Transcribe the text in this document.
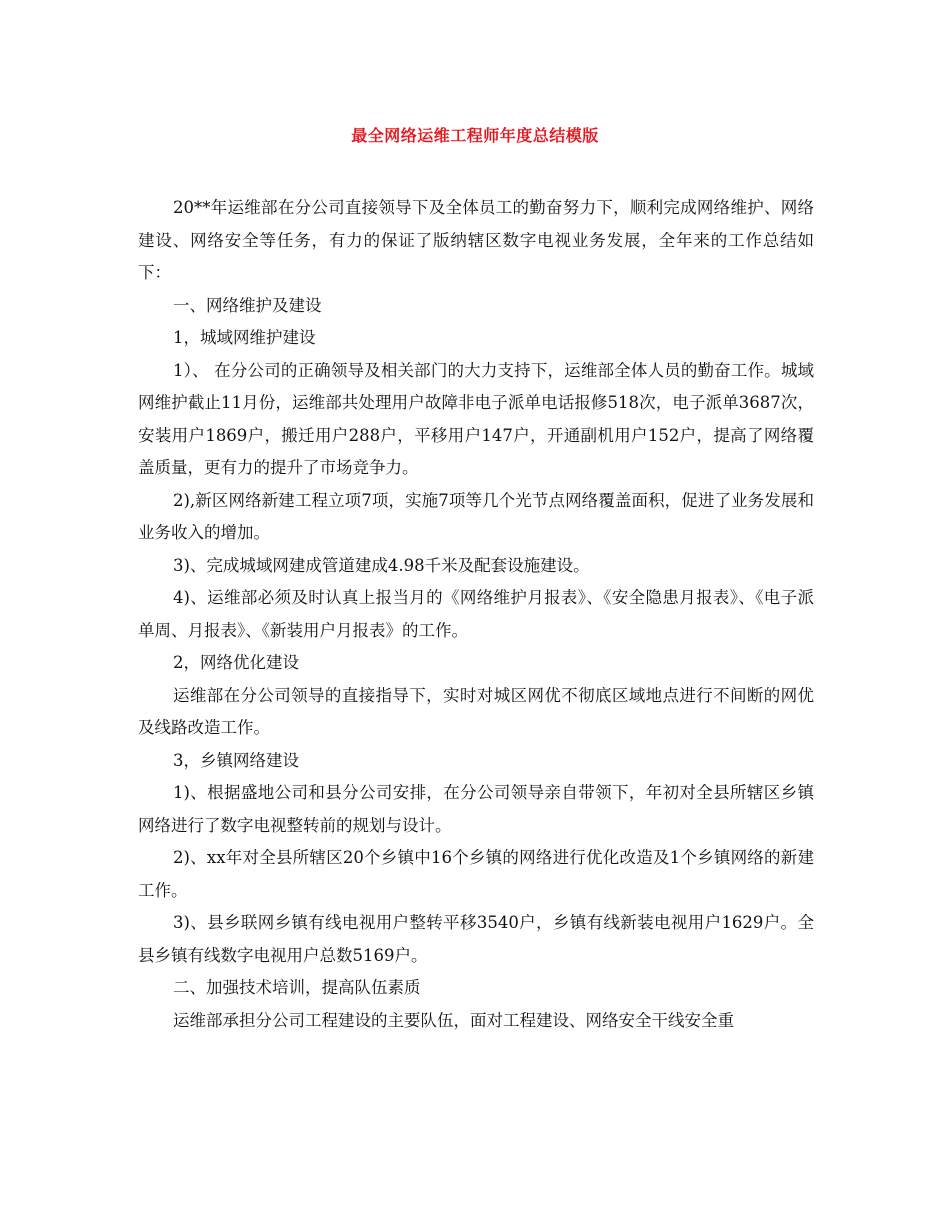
最全网络运维工程师年度总结模版

20**年运维部在分公司直接领导下及全体员工的勤奋努力下，顺利完成网络维护、网络建设、网络安全等任务，有力的保证了版纳辖区数字电视业务发展，全年来的工作总结如下：

一、网络维护及建设

1，城域网维护建设

1）、 在分公司的正确领导及相关部门的大力支持下，运维部全体人员的勤奋工作。城域网维护截止11月份，运维部共处理用户故障非电子派单电话报修518次，电子派单3687次，安装用户1869户，搬迁用户288户，平移用户147户，开通副机用户152户，提高了网络覆盖质量，更有力的提升了市场竞争力。

2),新区网络新建工程立项7项，实施7项等几个光节点网络覆盖面积，促进了业务发展和业务收入的增加。

3)、完成城域网建成管道建成4.98千米及配套设施建设。

4)、运维部必须及时认真上报当月的《网络维护月报表》、《安全隐患月报表》、《电子派单周、月报表》、《新装用户月报表》的工作。

2，网络优化建设

运维部在分公司领导的直接指导下，实时对城区网优不彻底区域地点进行不间断的网优及线路改造工作。

3，乡镇网络建设

1)、根据盛地公司和县分公司安排，在分公司领导亲自带领下，年初对全县所辖区乡镇网络进行了数字电视整转前的规划与设计。

2)、xx年对全县所辖区20个乡镇中16个乡镇的网络进行优化改造及1个乡镇网络的新建工作。

3)、县乡联网乡镇有线电视用户整转平移3540户，乡镇有线新装电视用户1629户。全县乡镇有线数字电视用户总数5169户。

二、加强技术培训，提高队伍素质

运维部承担分公司工程建设的主要队伍，面对工程建设、网络安全干线安全重
